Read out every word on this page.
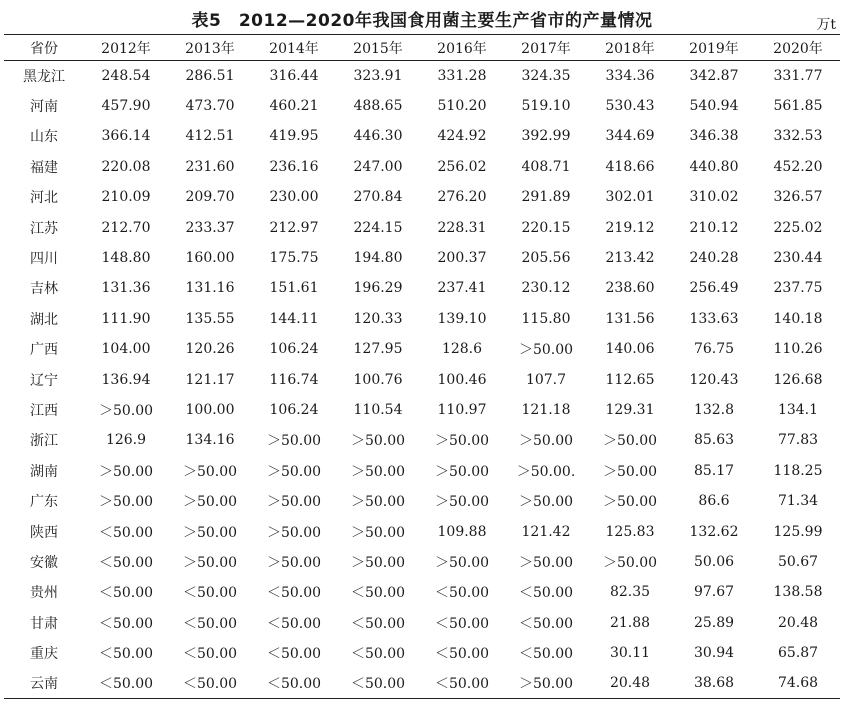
表5　2012—2020年我国食用菌主要生产省市的产量情况	万t
省份	2012年	2013年	2014年	2015年	2016年	2017年	2018年	2019年	2020年
黑龙江	248.54	286.51	316.44	323.91	331.28	324.35	334.36	342.87	331.77
河南	457.90	473.70	460.21	488.65	510.20	519.10	530.43	540.94	561.85
山东	366.14	412.51	419.95	446.30	424.92	392.99	344.69	346.38	332.53
福建	220.08	231.60	236.16	247.00	256.02	408.71	418.66	440.80	452.20
河北	210.09	209.70	230.00	270.84	276.20	291.89	302.01	310.02	326.57
江苏	212.70	233.37	212.97	224.15	228.31	220.15	219.12	210.12	225.02
四川	148.80	160.00	175.75	194.80	200.37	205.56	213.42	240.28	230.44
吉林	131.36	131.16	151.61	196.29	237.41	230.12	238.60	256.49	237.75
湖北	111.90	135.55	144.11	120.33	139.10	115.80	131.56	133.63	140.18
广西	104.00	120.26	106.24	127.95	128.6	＞50.00	140.06	76.75	110.26
辽宁	136.94	121.17	116.74	100.76	100.46	107.7	112.65	120.43	126.68
江西	＞50.00	100.00	106.24	110.54	110.97	121.18	129.31	132.8	134.1
浙江	126.9	134.16	＞50.00	＞50.00	＞50.00	＞50.00	＞50.00	85.63	77.83
湖南	＞50.00	＞50.00	＞50.00	＞50.00	＞50.00	＞50.00.	＞50.00	85.17	118.25
广东	＞50.00	＞50.00	＞50.00	＞50.00	＞50.00	＞50.00	＞50.00	86.6	71.34
陕西	＜50.00	＞50.00	＞50.00	＞50.00	109.88	121.42	125.83	132.62	125.99
安徽	＜50.00	＞50.00	＞50.00	＞50.00	＞50.00	＞50.00	＞50.00	50.06	50.67
贵州	＜50.00	＜50.00	＜50.00	＜50.00	＜50.00	＜50.00	82.35	97.67	138.58
甘肃	＜50.00	＜50.00	＜50.00	＜50.00	＜50.00	＜50.00	21.88	25.89	20.48
重庆	＜50.00	＜50.00	＜50.00	＜50.00	＜50.00	＜50.00	30.11	30.94	65.87
云南	＜50.00	＜50.00	＜50.00	＜50.00	＜50.00	＞50.00	20.48	38.68	74.68
